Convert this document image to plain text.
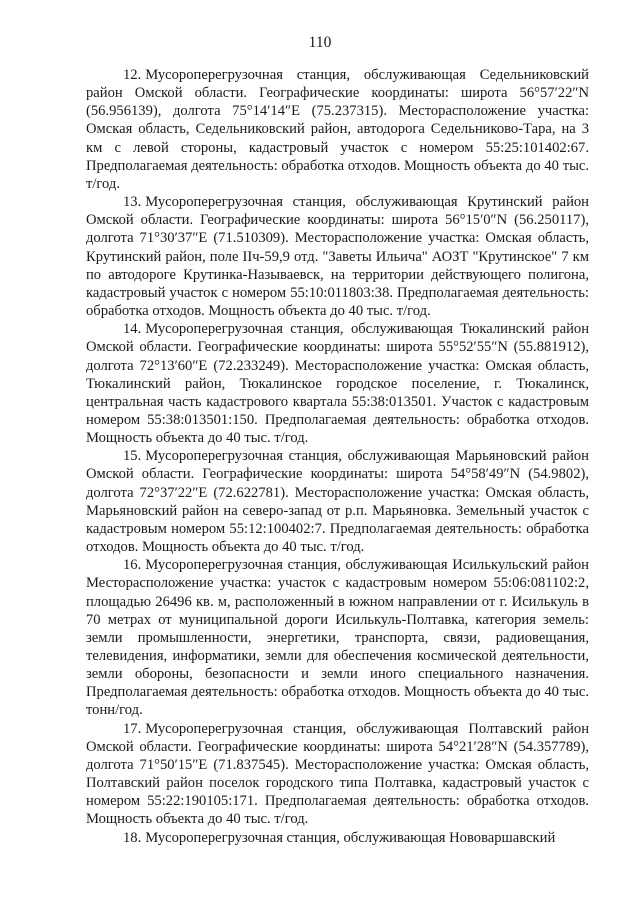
110

12. Мусороперегрузочная станция, обслуживающая Седельниковский район Омской области. Географические координаты: широта 56°57′22″N (56.956139), долгота 75°14′14″E (75.237315). Месторасположение участка: Омская область, Седельниковский район, автодорога Седельниково-Тара, на 3 км с левой стороны, кадастровый участок с номером 55:25:101402:67. Предполагаемая деятельность: обработка отходов. Мощность объекта до 40 тыс. т/год.

13. Мусороперегрузочная станция, обслуживающая Крутинский район Омской области. Географические координаты: широта 56°15′0″N (56.250117), долгота 71°30′37″E (71.510309). Месторасположение участка: Омская область, Крутинский район, поле IIч-59,9 отд. "Заветы Ильича" АОЗТ "Крутинское" 7 км по автодороге Крутинка-Называевск, на территории действующего полигона, кадастровый участок с номером 55:10:011803:38. Предполагаемая деятельность: обработка отходов. Мощность объекта до 40 тыс. т/год.

14. Мусороперегрузочная станция, обслуживающая Тюкалинский район Омской области. Географические координаты: широта 55°52′55″N (55.881912), долгота 72°13′60″E (72.233249). Месторасположение участка: Омская область, Тюкалинский район, Тюкалинское городское поселение, г. Тюкалинск, центральная часть кадастрового квартала 55:38:013501. Участок с кадастровым номером 55:38:013501:150. Предполагаемая деятельность: обработка отходов. Мощность объекта до 40 тыс. т/год.

15. Мусороперегрузочная станция, обслуживающая Марьяновский район Омской области. Географические координаты: широта 54°58′49″N (54.9802), долгота 72°37′22″E (72.622781). Месторасположение участка: Омская область, Марьяновский район на северо-запад от р.п. Марьяновка. Земельный участок с кадастровым номером 55:12:100402:7. Предполагаемая деятельность: обработка отходов. Мощность объекта до 40 тыс. т/год.

16. Мусороперегрузочная станция, обслуживающая Исилькульский район Месторасположение участка: участок с кадастровым номером 55:06:081102:2, площадью 26496 кв. м, расположенный в южном направлении от г. Исилькуль в 70 метрах от муниципальной дороги Исилькуль-Полтавка, категория земель: земли промышленности, энергетики, транспорта, связи, радиовещания, телевидения, информатики, земли для обеспечения космической деятельности, земли обороны, безопасности и земли иного специального назначения. Предполагаемая деятельность: обработка отходов. Мощность объекта до 40 тыс. тонн/год.

17. Мусороперегрузочная станция, обслуживающая Полтавский район Омской области. Географические координаты: широта 54°21′28″N (54.357789), долгота 71°50′15″E (71.837545). Месторасположение участка: Омская область, Полтавский район поселок городского типа Полтавка, кадастровый участок с номером 55:22:190105:171. Предполагаемая деятельность: обработка отходов. Мощность объекта до 40 тыс. т/год.

18. Мусороперегрузочная станция, обслуживающая Нововаршавский
